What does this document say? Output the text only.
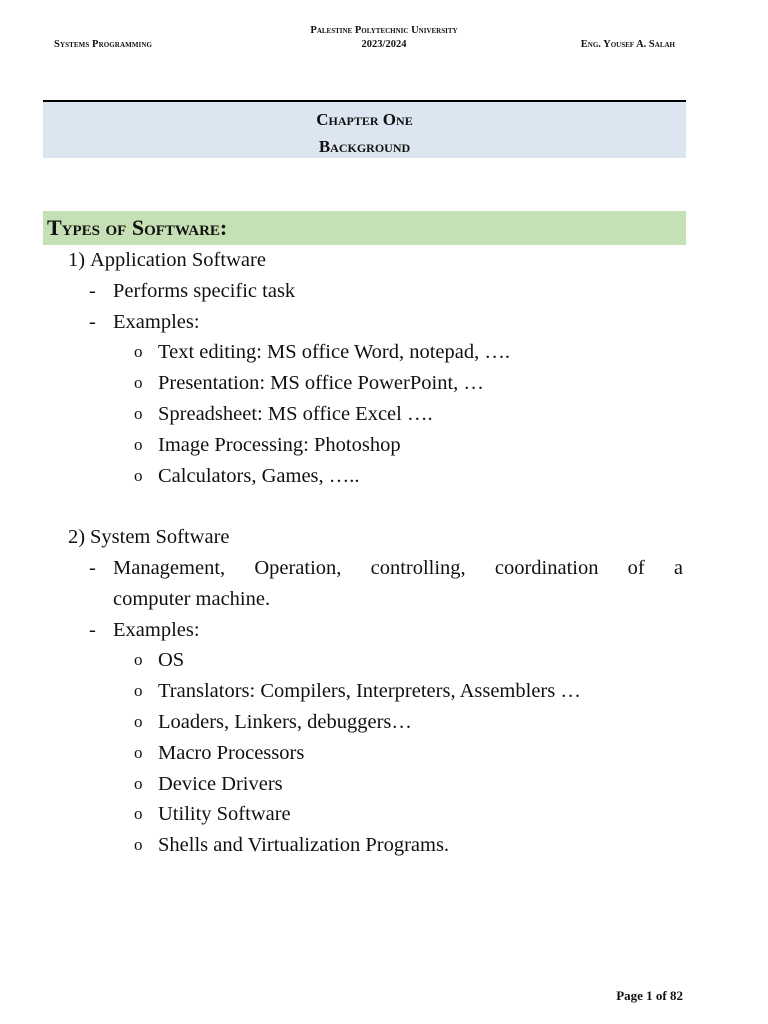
Systems Programming
Palestine Polytechnic University
2023/2024	Eng. Yousef A. Salah
Chapter One
Background
Types of Software:
1) Application Software
- Performs specific task
- Examples:
o Text editing: MS office Word, notepad, ….
o Presentation: MS office PowerPoint, …
o Spreadsheet: MS office Excel ….
o Image Processing: Photoshop
o Calculators, Games, …..
2) System Software
- Management, Operation, controlling, coordination of a
computer machine.
- Examples:
o OS
o Translators: Compilers, Interpreters, Assemblers …
o Loaders, Linkers, debuggers…
o Macro Processors
o Device Drivers
o Utility Software
o Shells and Virtualization Programs.
Page 1 of 82
